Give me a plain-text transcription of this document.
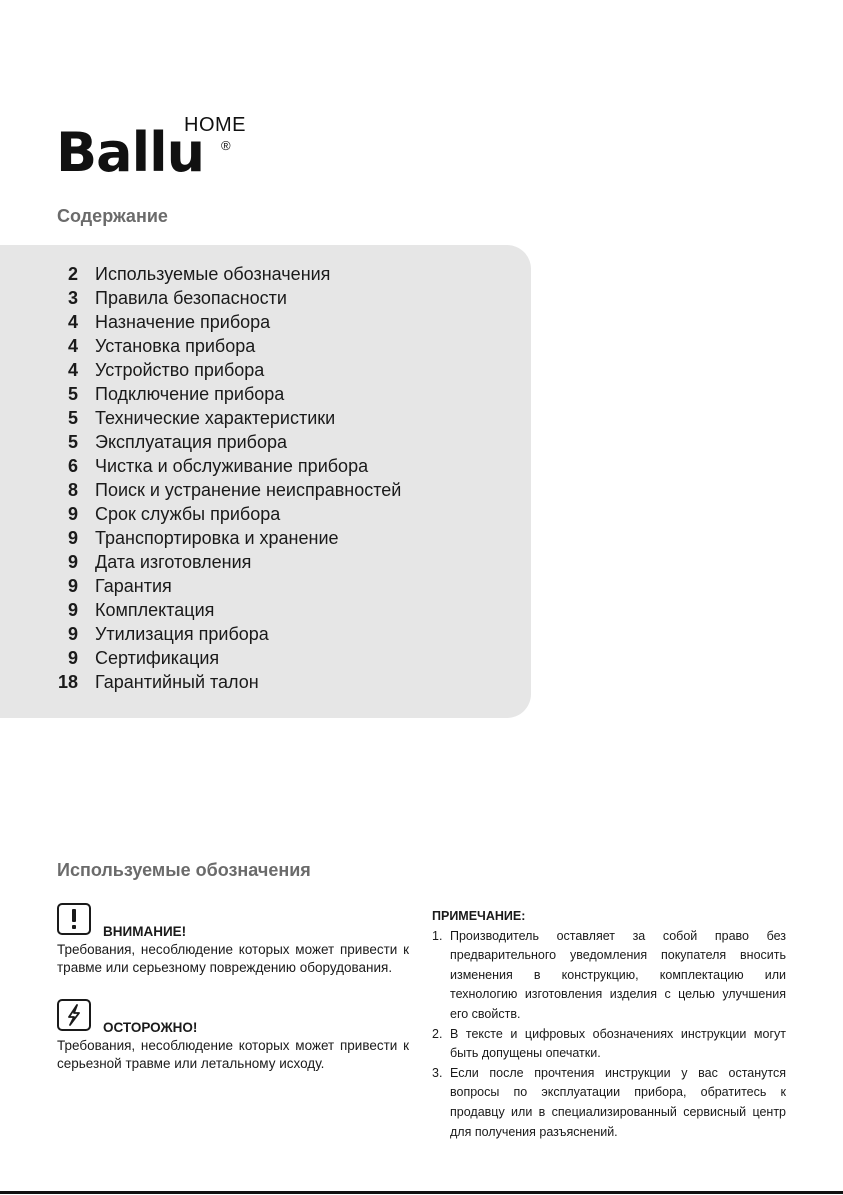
Ballu
HOME
®
Содержание
2 Используемые обозначения
3 Правила безопасности
4 Назначение прибора
4 Установка прибора
4 Устройство прибора
5 Подключение прибора
5 Технические характеристики
5 Эксплуатация прибора
6 Чистка и обслуживание прибора
8 Поиск и устранение неисправностей
9 Срок службы прибора
9 Транспортировка и хранение
9 Дата изготовления
9 Гарантия
9 Комплектация
9 Утилизация прибора
9 Сертификация
18 Гарантийный талон
Используемые обозначения
ВНИМАНИЕ!

Требования, несоблюдение которых может привести к травме или серьезному повреждению оборудования.

ОСТОРОЖНО!

Требования, несоблюдение которых может привести к серьезной травме или летальному исходу.

ПРИМЕЧАНИЕ:

1. Производитель оставляет за собой право без предварительного уведомления покупателя вносить изменения в конструкцию, комплектацию или технологию изготовления изделия с целью улучшения его свойств.
2. В тексте и цифровых обозначениях инструкции могут быть допущены опечатки.
3. Если после прочтения инструкции у вас останутся вопросы по эксплуатации прибора, обратитесь к продавцу или в специализированный сервисный центр для получения разъяснений.
